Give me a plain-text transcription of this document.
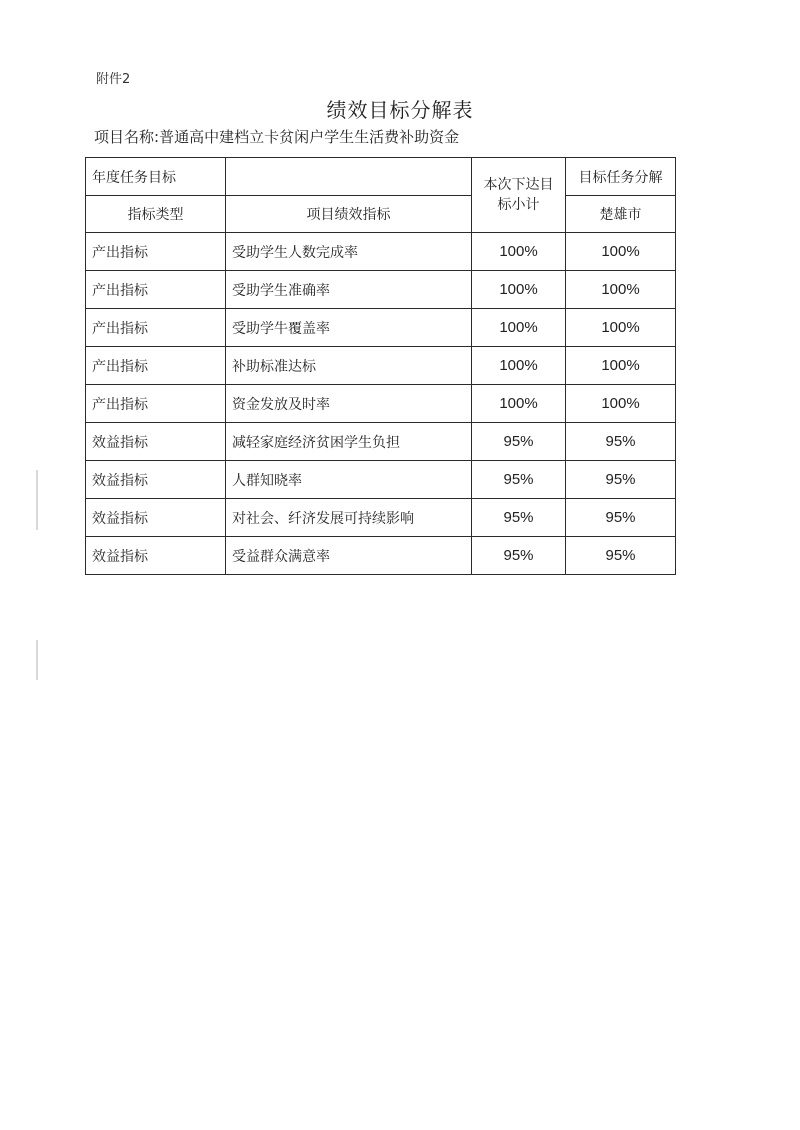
附件2
绩效目标分解表
项目名称:普通高中建档立卡贫闲户学生生活费补助资金
年度任务目标		本次下达目标小计	目标任务分解
指标类型	项目绩效指标		楚雄市
产出指标	受助学生人数完成率	100%	100%
产出指标	受助学生准确率	100%	100%
产出指标	受助学牛覆盖率	100%	100%
产出指标	补助标准达标	100%	100%
产出指标	资金发放及时率	100%	100%
效益指标	减轻家庭经济贫困学生负担	95%	95%
效益指标	人群知晓率	95%	95%
效益指标	对社会、纤济发展可持续影响	95%	95%
效益指标	受益群众满意率	95%	95%
